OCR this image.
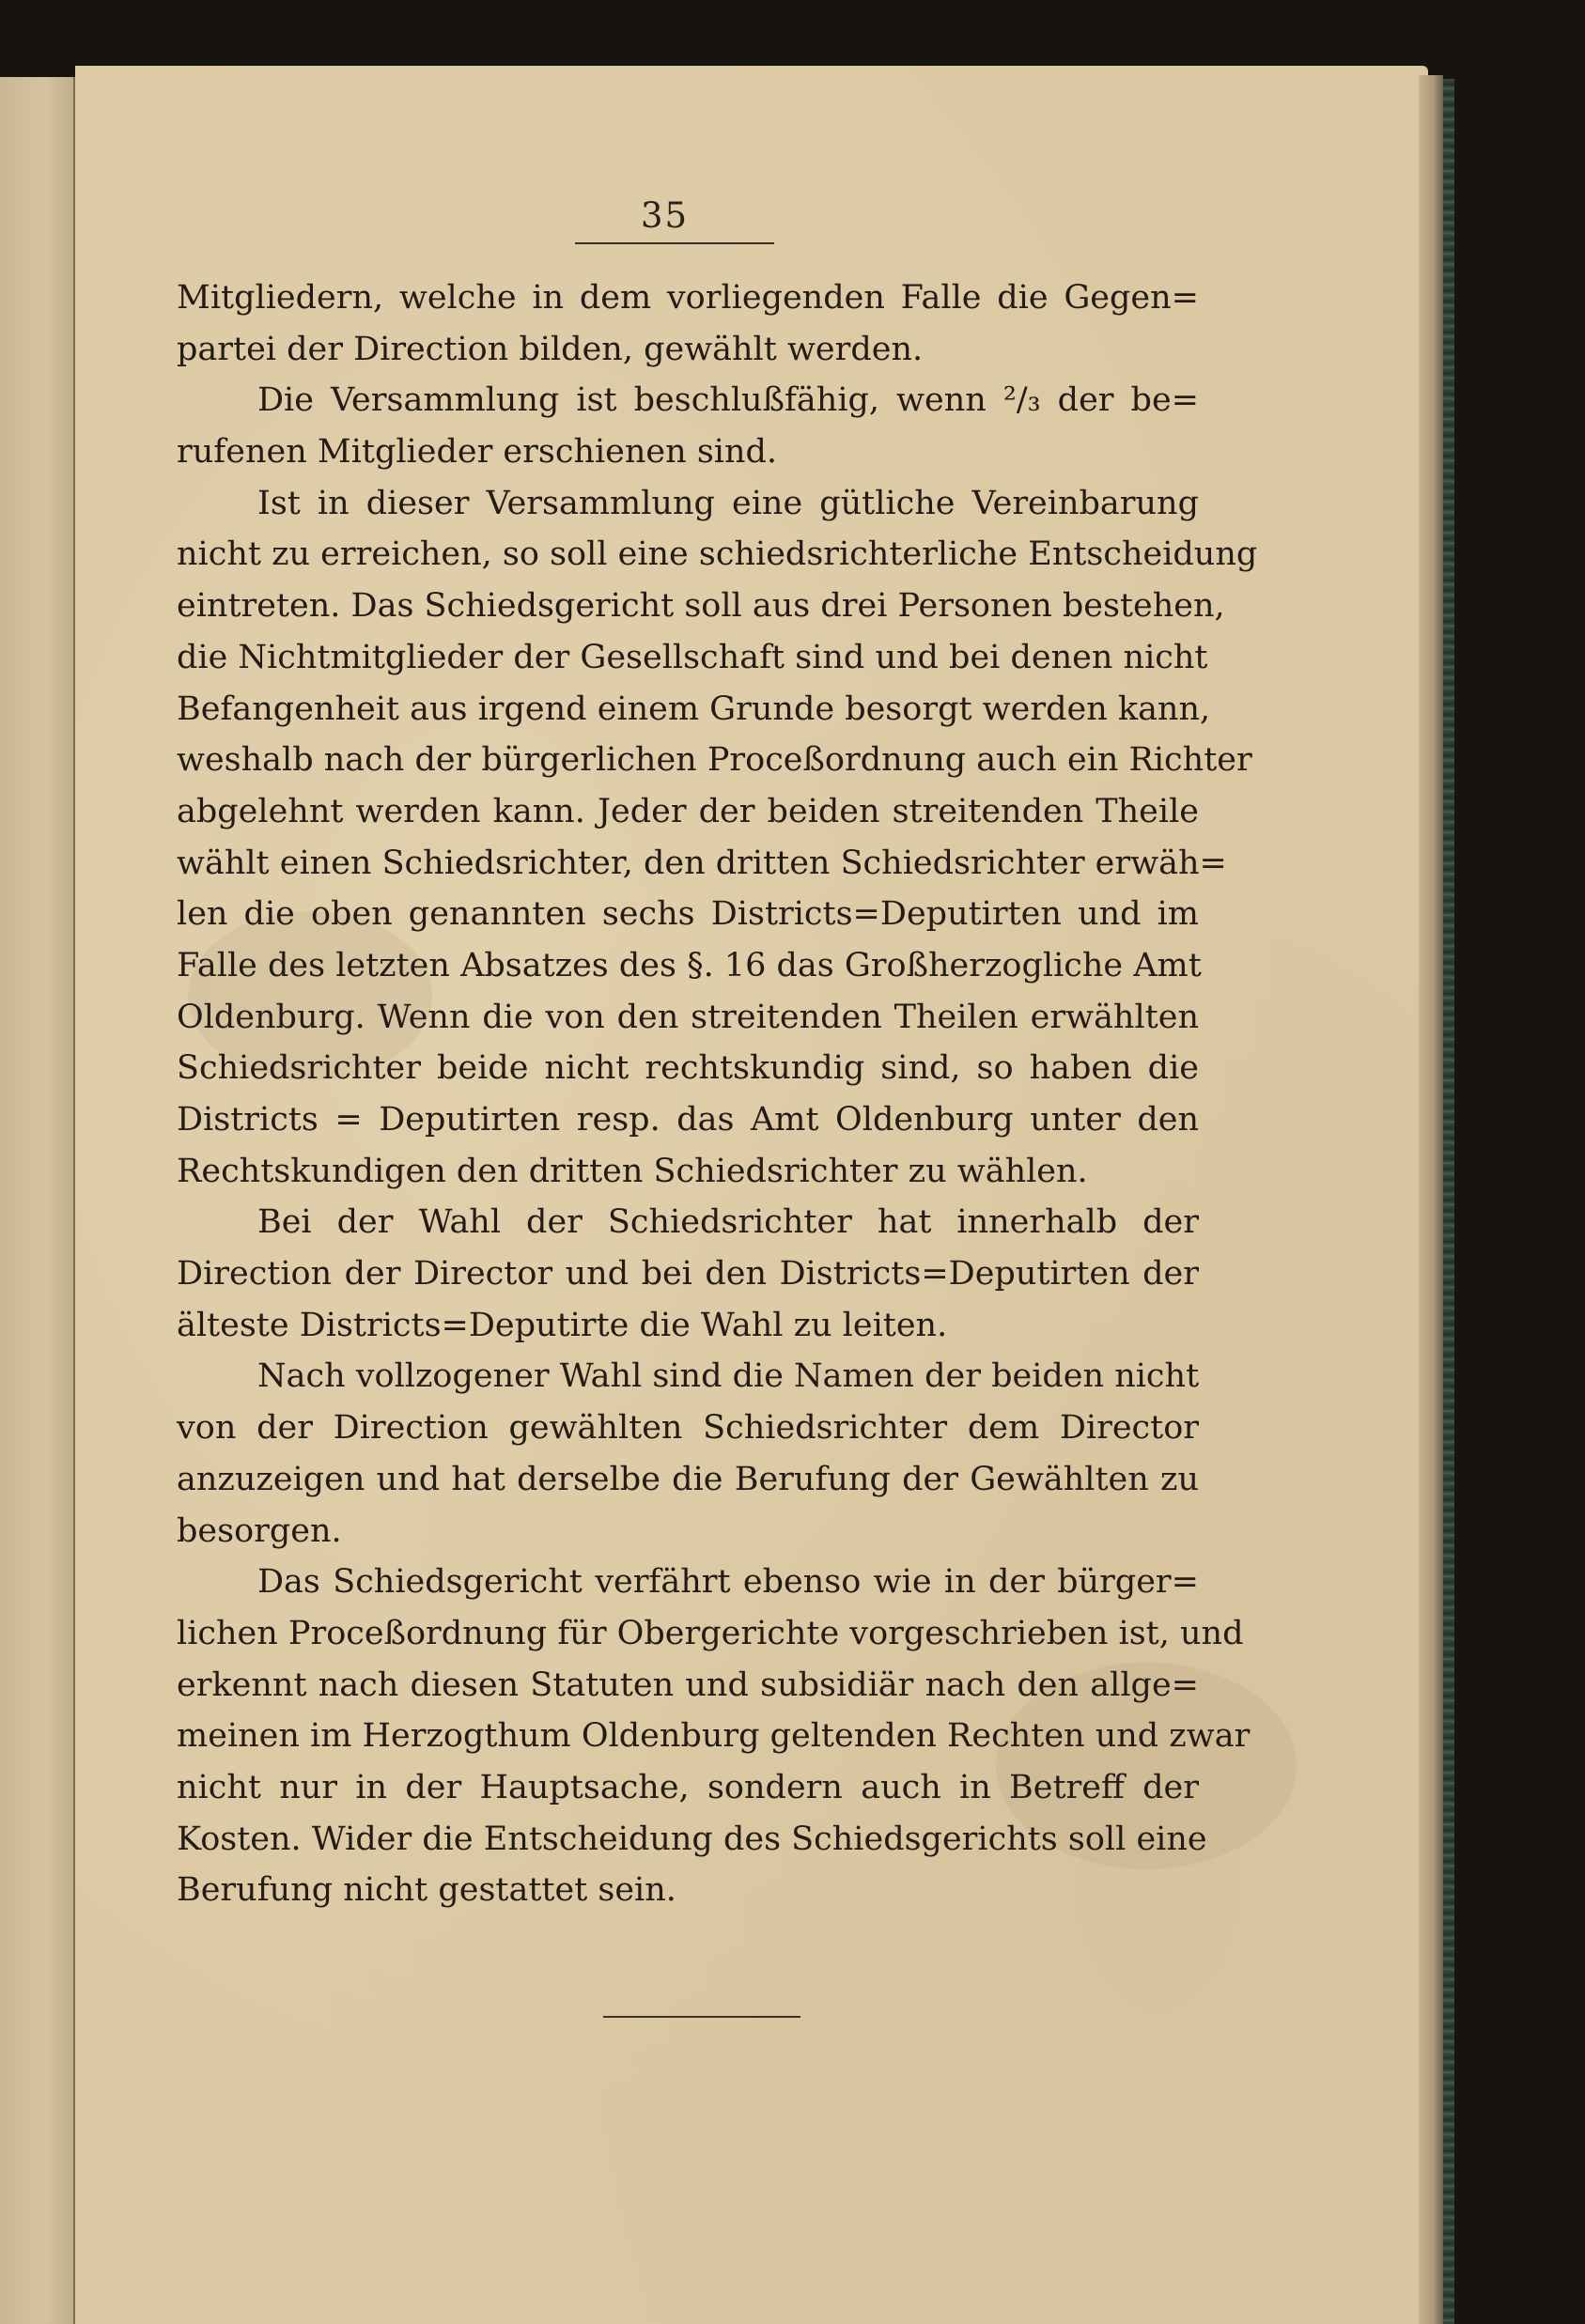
35
Mitgliedern, welche in dem vorliegenden Falle die Gegen=
partei der Direction bilden, gewählt werden.
Die Versammlung ist beschlußfähig, wenn ²/₃ der be=
rufenen Mitglieder erschienen sind.
Ist in dieser Versammlung eine gütliche Vereinbarung
nicht zu erreichen, so soll eine schiedsrichterliche Entscheidung
eintreten. Das Schiedsgericht soll aus drei Personen bestehen,
die Nichtmitglieder der Gesellschaft sind und bei denen nicht
Befangenheit aus irgend einem Grunde besorgt werden kann,
weshalb nach der bürgerlichen Proceßordnung auch ein Richter
abgelehnt werden kann. Jeder der beiden streitenden Theile
wählt einen Schiedsrichter, den dritten Schiedsrichter erwäh=
len die oben genannten sechs Districts=Deputirten und im
Falle des letzten Absatzes des §. 16 das Großherzogliche Amt
Oldenburg. Wenn die von den streitenden Theilen erwählten
Schiedsrichter beide nicht rechtskundig sind, so haben die
Districts = Deputirten resp. das Amt Oldenburg unter den
Rechtskundigen den dritten Schiedsrichter zu wählen.
Bei der Wahl der Schiedsrichter hat innerhalb der
Direction der Director und bei den Districts=Deputirten der
älteste Districts=Deputirte die Wahl zu leiten.
Nach vollzogener Wahl sind die Namen der beiden nicht
von der Direction gewählten Schiedsrichter dem Director
anzuzeigen und hat derselbe die Berufung der Gewählten zu
besorgen.
Das Schiedsgericht verfährt ebenso wie in der bürger=
lichen Proceßordnung für Obergerichte vorgeschrieben ist, und
erkennt nach diesen Statuten und subsidiär nach den allge=
meinen im Herzogthum Oldenburg geltenden Rechten und zwar
nicht nur in der Hauptsache, sondern auch in Betreff der
Kosten. Wider die Entscheidung des Schiedsgerichts soll eine
Berufung nicht gestattet sein.
